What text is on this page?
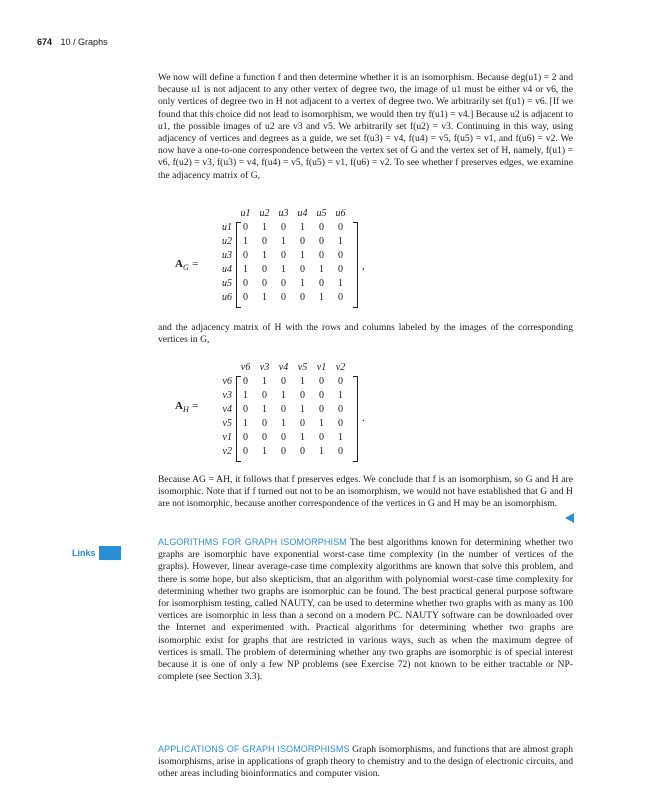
674 10 / Graphs

We now will define a function f and then determine whether it is an isomorphism. Because deg(u1) = 2 and because u1 is not adjacent to any other vertex of degree two, the image of u1 must be either v4 or v6, the only vertices of degree two in H not adjacent to a vertex of degree two. We arbitrarily set f(u1) = v6. [If we found that this choice did not lead to isomorphism, we would then try f(u1) = v4.] Because u2 is adjacent to u1, the possible images of u2 are v3 and v5. We arbitrarily set f(u2) = v3. Continuing in this way, using adjacency of vertices and degrees as a guide, we set f(u3) = v4, f(u4) = v5, f(u5) = v1, and f(u6) = v2. We now have a one-to-one correspondence between the vertex set of G and the vertex set of H, namely, f(u1) = v6, f(u2) = v3, f(u3) = v4, f(u4) = v5, f(u5) = v1, f(u6) = v2. To see whether f preserves edges, we examine the adjacency matrix of G,

$A_G$ =
	u1	u2	u3	u4	u5	u6
u1	0	1	0	1	0	0
u2	1	0	1	0	0	1
u3	0	1	0	1	0	0
u4	1	0	1	0	1	0
u5	0	0	0	1	0	1
u6	0	1	0	0	1	0
,

and the adjacency matrix of H with the rows and columns labeled by the images of the corresponding vertices in G,

$A_H$ =
	v6	v3	v4	v5	v1	v2
v6	0	1	0	1	0	0
v3	1	0	1	0	0	1
v4	0	1	0	1	0	0
v5	1	0	1	0	1	0
v1	0	0	0	1	0	1
v2	0	1	0	0	1	0
.

Because AG = AH, it follows that f preserves edges. We conclude that f is an isomorphism, so G and H are isomorphic. Note that if f turned out not to be an isomorphism, we would not have established that G and H are not isomorphic, because another correspondence of the vertices in G and H may be an isomorphism.

Links

ALGORITHMS FOR GRAPH ISOMORPHISM The best algorithms known for determining whether two graphs are isomorphic have exponential worst-case time complexity (in the number of vertices of the graphs). However, linear average-case time complexity algorithms are known that solve this problem, and there is some hope, but also skepticism, that an algorithm with polynomial worst-case time complexity for determining whether two graphs are isomorphic can be found. The best practical general purpose software for isomorphism testing, called NAUTY, can be used to determine whether two graphs with as many as 100 vertices are isomorphic in less than a second on a modern PC. NAUTY software can be downloaded over the Internet and experimented with. Practical algorithms for determining whether two graphs are isomorphic exist for graphs that are restricted in various ways, such as when the maximum degree of vertices is small. The problem of determining whether any two graphs are isomorphic is of special interest because it is one of only a few NP problems (see Exercise 72) not known to be either tractable or NP-complete (see Section 3.3).

APPLICATIONS OF GRAPH ISOMORPHISMS Graph isomorphisms, and functions that are almost graph isomorphisms, arise in applications of graph theory to chemistry and to the design of electronic circuits, and other areas including bioinformatics and computer vision.
